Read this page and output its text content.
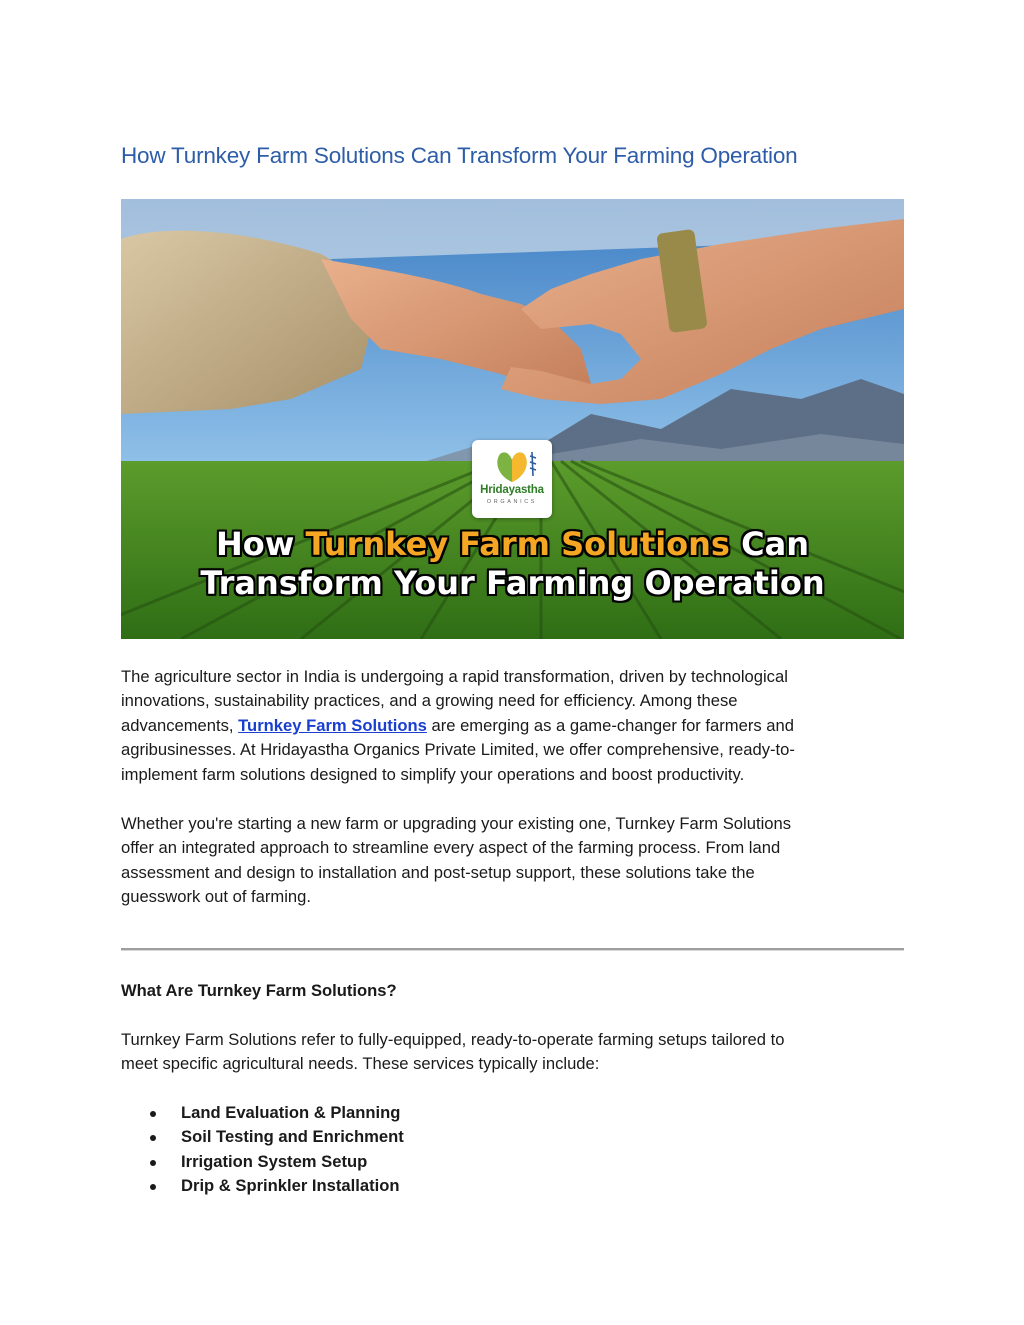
How Turnkey Farm Solutions Can Transform Your Farming Operation
Hridayastha
ORGANICS
How Turnkey Farm Solutions Can
Transform Your Farming Operation

The agriculture sector in India is undergoing a rapid transformation, driven by technological
innovations, sustainability practices, and a growing need for efficiency. Among these
advancements, Turnkey Farm Solutions are emerging as a game-changer for farmers and
agribusinesses. At Hridayastha Organics Private Limited, we offer comprehensive, ready-to-
implement farm solutions designed to simplify your operations and boost productivity.

Whether you're starting a new farm or upgrading your existing one, Turnkey Farm Solutions
offer an integrated approach to streamline every aspect of the farming process. From land
assessment and design to installation and post-setup support, these solutions take the
guesswork out of farming.

What Are Turnkey Farm Solutions?

Turnkey Farm Solutions refer to fully-equipped, ready-to-operate farming setups tailored to
meet specific agricultural needs. These services typically include:

Land Evaluation & Planning
Soil Testing and Enrichment
Irrigation System Setup
Drip & Sprinkler Installation
